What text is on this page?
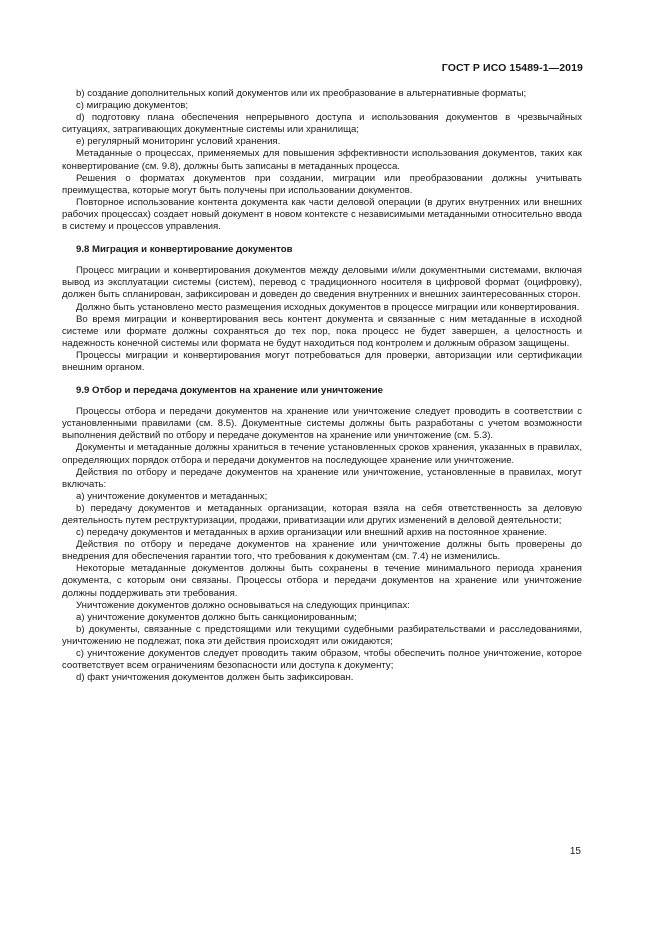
ГОСТ Р ИСО 15489-1—2019

b) создание дополнительных копий документов или их преобразование в альтернативные форматы;

c) миграцию документов;

d) подготовку плана обеспечения непрерывного доступа и использования документов в чрезвычайных ситуациях, затрагивающих документные системы или хранилища;

e) регулярный мониторинг условий хранения.

Метаданные о процессах, применяемых для повышения эффективности использования документов, таких как конвертирование (см. 9.8), должны быть записаны в метаданных процесса.

Решения о форматах документов при создании, миграции или преобразовании должны учитывать преимущества, которые могут быть получены при использовании документов.

Повторное использование контента документа как части деловой операции (в других внутренних или внешних рабочих процессах) создает новый документ в новом контексте с независимыми метаданными относительно ввода в систему и процессов управления.

9.8 Миграция и конвертирование документов

Процесс миграции и конвертирования документов между деловыми и/или документными системами, включая вывод из эксплуатации системы (систем), перевод с традиционного носителя в цифровой формат (оцифровку), должен быть спланирован, зафиксирован и доведен до сведения внутренних и внешних заинтересованных сторон.

Должно быть установлено место размещения исходных документов в процессе миграции или конвертирования.

Во время миграции и конвертирования весь контент документа и связанные с ним метаданные в исходной системе или формате должны сохраняться до тех пор, пока процесс не будет завершен, а целостность и надежность конечной системы или формата не будут находиться под контролем и должным образом защищены.

Процессы миграции и конвертирования могут потребоваться для проверки, авторизации или сертификации внешним органом.

9.9 Отбор и передача документов на хранение или уничтожение

Процессы отбора и передачи документов на хранение или уничтожение следует проводить в соответствии с установленными правилами (см. 8.5). Документные системы должны быть разработаны с учетом возможности выполнения действий по отбору и передаче документов на хранение или уничтожение (см. 5.3).

Документы и метаданные должны храниться в течение установленных сроков хранения, указанных в правилах, определяющих порядок отбора и передачи документов на последующее хранение или уничтожение.

Действия по отбору и передаче документов на хранение или уничтожение, установленные в правилах, могут включать:

a) уничтожение документов и метаданных;

b) передачу документов и метаданных организации, которая взяла на себя ответственность за деловую деятельность путем реструктуризации, продажи, приватизации или других изменений в деловой деятельности;

c) передачу документов и метаданных в архив организации или внешний архив на постоянное хранение.

Действия по отбору и передаче документов на хранение или уничтожение должны быть проверены до внедрения для обеспечения гарантии того, что требования к документам (см. 7.4) не изменились.

Некоторые метаданные документов должны быть сохранены в течение минимального периода хранения документа, с которым они связаны. Процессы отбора и передачи документов на хранение или уничтожение должны поддерживать эти требования.

Уничтожение документов должно основываться на следующих принципах:

a) уничтожение документов должно быть санкционированным;

b) документы, связанные с предстоящими или текущими судебными разбирательствами и расследованиями, уничтожению не подлежат, пока эти действия происходят или ожидаются;

c) уничтожение документов следует проводить таким образом, чтобы обеспечить полное уничтожение, которое соответствует всем ограничениям безопасности или доступа к документу;

d) факт уничтожения документов должен быть зафиксирован.

15
